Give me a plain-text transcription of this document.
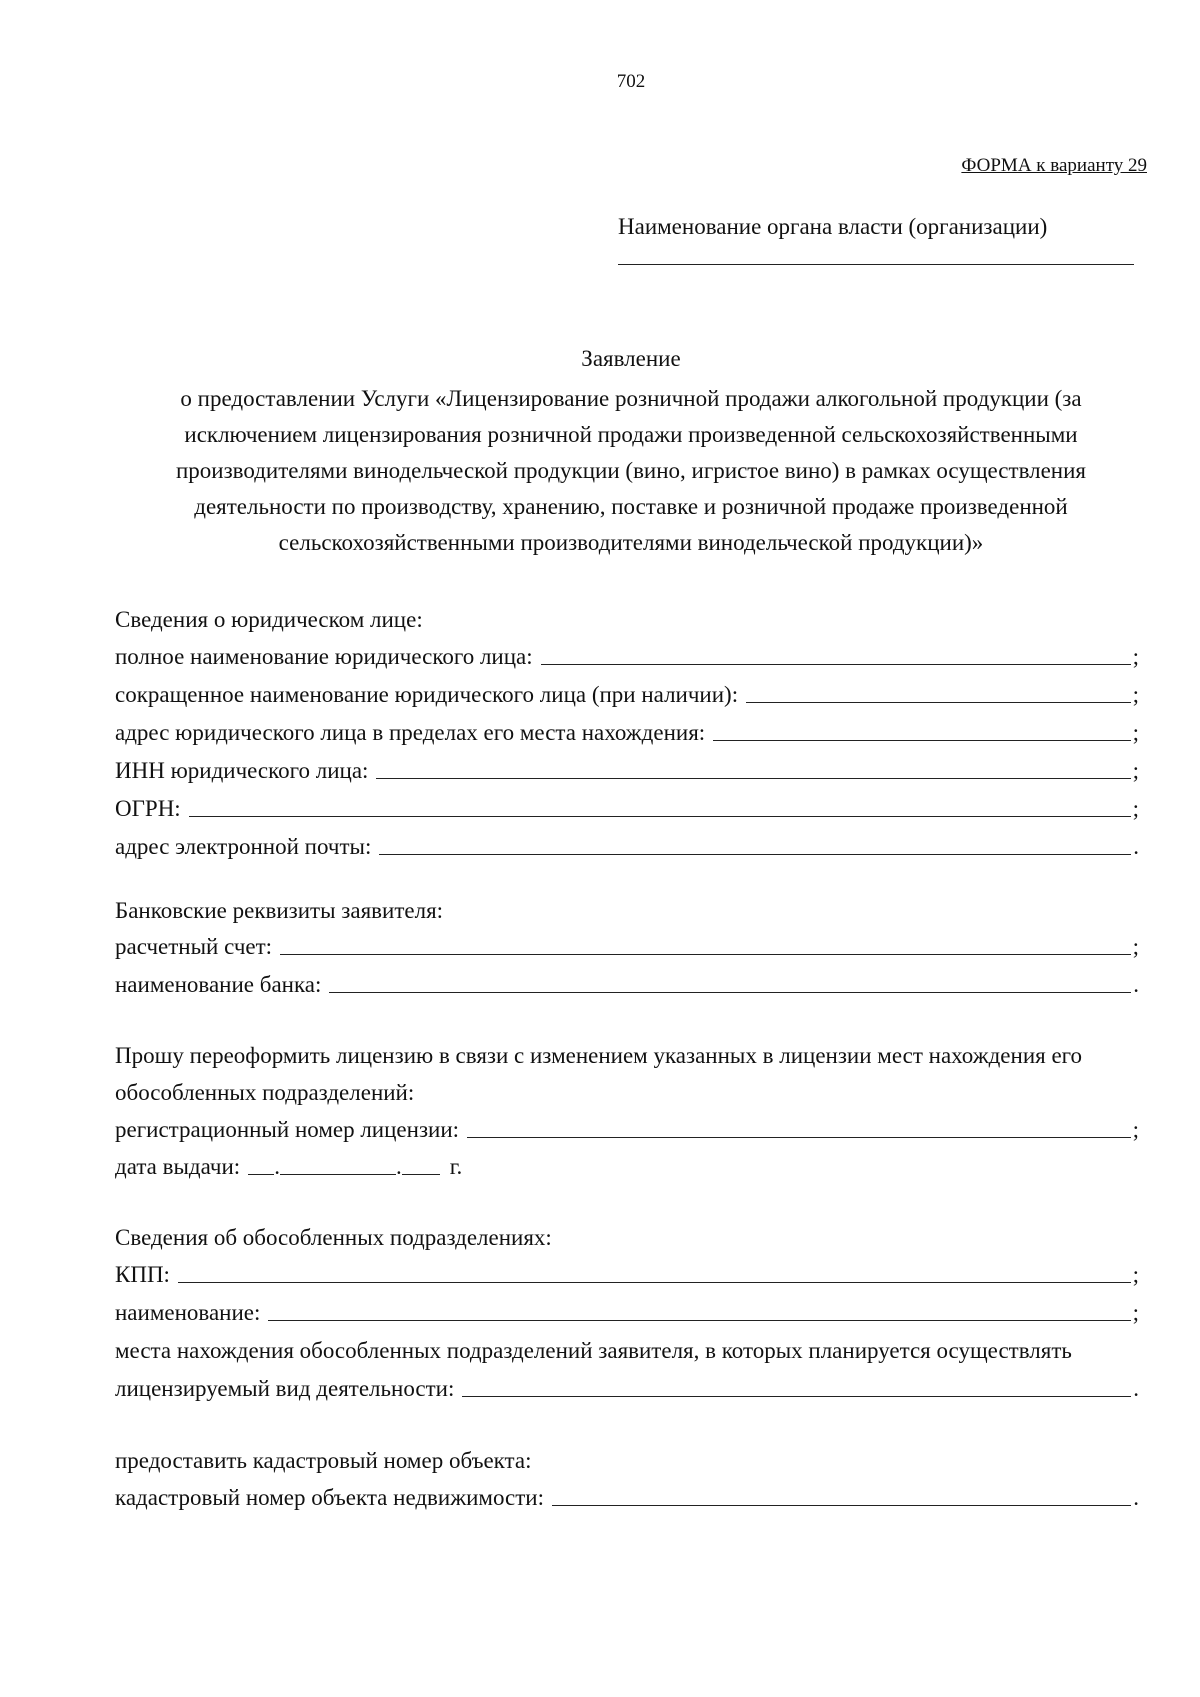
702
ФОРМА к варианту 29
Наименование органа власти (организации)
Заявление
о предоставлении Услуги «Лицензирование розничной продажи алкогольной продукции (за
исключением лицензирования розничной продажи произведенной сельскохозяйственными
производителями винодельческой продукции (вино, игристое вино) в рамках осуществления
деятельности по производству, хранению, поставке и розничной продаже произведенной
сельскохозяйственными производителями винодельческой продукции)»
Сведения о юридическом лице:
полное наименование юридического лица:	;
сокращенное наименование юридического лица (при наличии):	;
адрес юридического лица в пределах его места нахождения:	;
ИНН юридического лица:	;
ОГРН:	;
адрес электронной почты:	.
Банковские реквизиты заявителя:
расчетный счет:	;
наименование банка:	.
Прошу переоформить лицензию в связи с изменением указанных в лицензии мест нахождения его
обособленных подразделений:
регистрационный номер лицензии:	;
дата выдачи:	.	.	г.
Сведения об обособленных подразделениях:
КПП:	;
наименование:	;
места нахождения обособленных подразделений заявителя, в которых планируется осуществлять
лицензируемый вид деятельности:	.
предоставить кадастровый номер объекта:
кадастровый номер объекта недвижимости:	.
